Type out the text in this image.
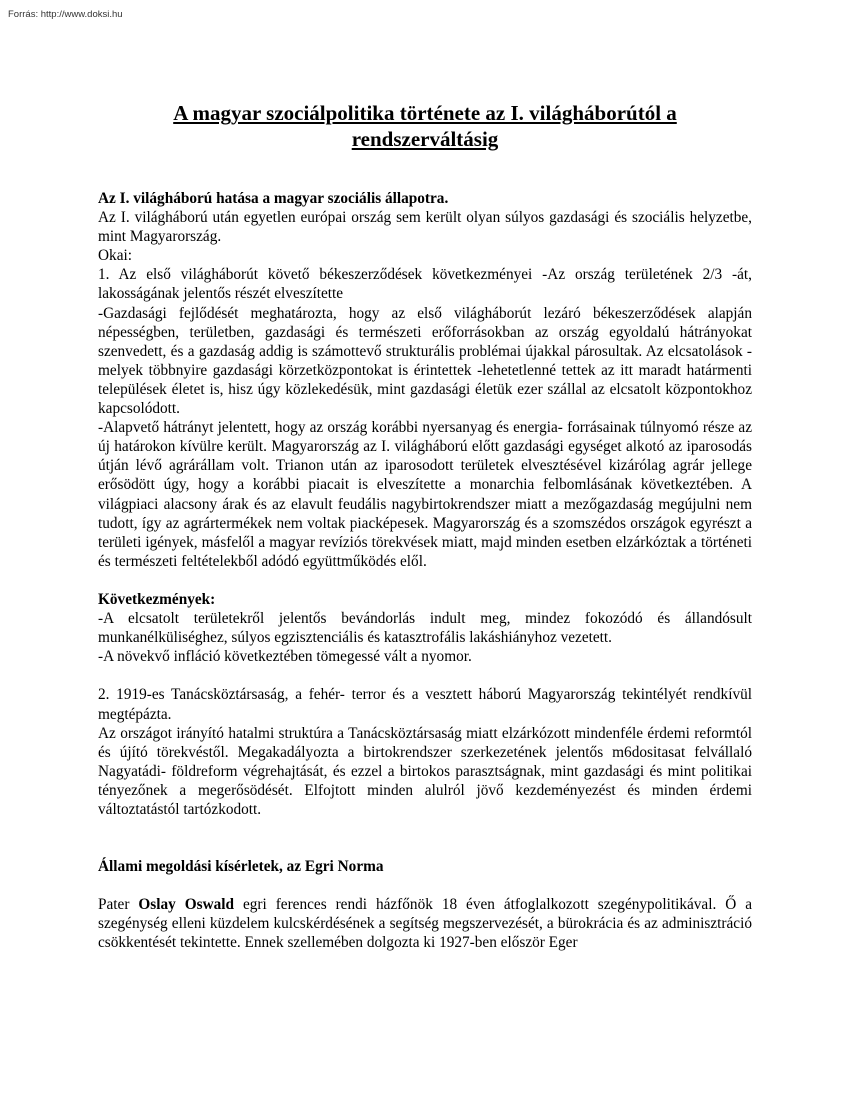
Forrás: http://www.doksi.hu
A magyar szociálpolitika története az I. világháborútól a rendszerváltásig

Az I. világháború hatása a magyar szociális állapotra.

Az I. világháború után egyetlen európai ország sem került olyan súlyos gazdasági és szociális helyzetbe, mint Magyarország.

Okai:

1. Az első világháborút követő békeszerződések következményei -Az ország területének 2/3 -át, lakosságának jelentős részét elveszítette

-Gazdasági fejlődését meghatározta, hogy az első világháborút lezáró békeszerződések alapján népességben, területben, gazdasági és természeti erőforrásokban az ország egyoldalú hátrányokat szenvedett, és a gazdaság addig is számottevő strukturális problémai újakkal párosultak. Az elcsatolások -melyek többnyire gazdasági körzetközpontokat is érintettek -lehetetlenné tettek az itt maradt határmenti települések életet is, hisz úgy közlekedésük, mint gazdasági életük ezer szállal az elcsatolt központokhoz kapcsolódott.

-Alapvető hátrányt jelentett, hogy az ország korábbi nyersanyag és energia- forrásainak túlnyomó része az új határokon kívülre került. Magyarország az I. világháború előtt gazdasági egységet alkotó az iparosodás útján lévő agrárállam volt. Trianon után az iparosodott területek elvesztésével kizárólag agrár jellege erősödött úgy, hogy a korábbi piacait is elveszítette a monarchia felbomlásának következtében. A világpiaci alacsony árak és az elavult feudális nagybirtokrendszer miatt a mezőgazdaság megújulni nem tudott, így az agrártermékek nem voltak piacképesek. Magyarország és a szomszédos országok egyrészt a területi igények, másfelől a magyar revíziós törekvések miatt, majd minden esetben elzárkóztak a történeti és természeti feltételekből adódó együttműködés elől.

Következmények:

-A elcsatolt területekről jelentős bevándorlás indult meg, mindez fokozódó és állandósult munkanélküliséghez, súlyos egzisztenciális és katasztrofális lakáshiányhoz vezetett.

-A növekvő infláció következtében tömegessé vált a nyomor.

2. 1919-es Tanácsköztársaság, a fehér- terror és a vesztett háború Magyarország tekintélyét rendkívül megtépázta.

Az országot irányító hatalmi struktúra a Tanácsköztársaság miatt elzárkózott mindenféle érdemi reformtól és újító törekvéstől. Megakadályozta a birtokrendszer szerkezetének jelentős m6dositasat felvállaló Nagyatádi- földreform végrehajtását, és ezzel a birtokos parasztságnak, mint gazdasági és mint politikai tényezőnek a megerősödését. Elfojtott minden alulról jövő kezdeményezést és minden érdemi változtatástól tartózkodott.

Állami megoldási kísérletek, az Egri Norma

Pater Oslay Oswald egri ferences rendi házfőnök 18 éven átfoglalkozott szegénypolitikával. Ő a szegénység elleni küzdelem kulcskérdésének a segítség megszervezését, a bürokrácia és az adminisztráció csökkentését tekintette. Ennek szellemében dolgozta ki 1927-ben először Eger
